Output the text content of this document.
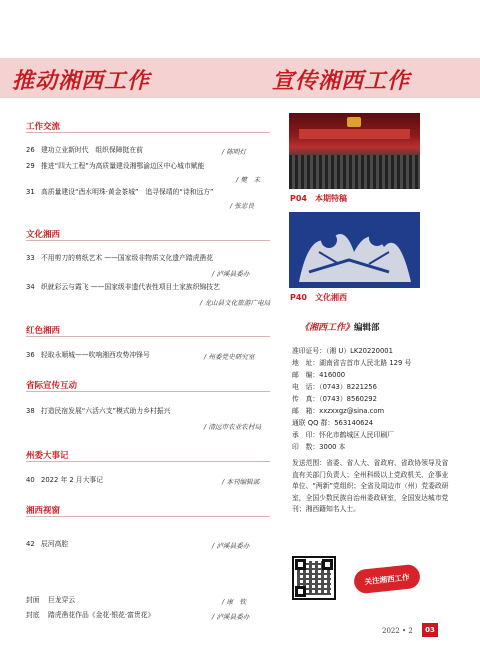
推动湘西工作	宣传湘西工作
工作交流
26 建功立业新时代　组织保障挺在前	/ 陈明灯
29 推进“四大工程”为高质量建设湘鄂渝边区中心城市赋能
/ 樊　未
31 高质量建设“酉水明珠·黄金茶城”　追寻保靖的“诗和远方”
/ 张忠良
文化湘西
33 不用剪刀的剪纸艺术 ——国家级非物质文化遗产踏虎凿花
/ 泸溪县委办
34 织就彩云与霞飞 ——国家级非遗代表性项目土家族织锦技艺
/ 龙山县文化旅游广电局
红色湘西
36 轻取永顺城——吹响湘西攻势冲锋号	/ 州委党史研究室
省际宣传互动
38 打造民宿发展“六活六支”模式助力乡村振兴
/ 清远市农业农村局
州委大事记
40 2022 年 2 月大事记	/ 本刊编辑部
湘西视窗
42 辰河高腔	/ 泸溪县委办
封面 巨龙穿云	/ 康　钦
封底 踏虎凿花作品《金花·银花·富贵花》	/ 泸溪县委办
P04　 本期特稿
P40　 文化湘西
《湘西工作》编辑部
准印证号：（湘 U）LK20220001
地　址：湖南省吉首市人民北路 129 号
邮　编：416000
电　话：（0743）8221256
传　真：（0743）8560292
邮　箱：xxzxxgz@sina.com
通联 QQ 群：563140624
承　印：怀化市鹤城区人民印刷厂
印　数：3000 本
发送范围：省委、省人大、省政府、省政协领导及省直有关部门负责人；全州科级以上党政机关、企事业单位、“两新”党组织；全省及周边市（州）党委政研室，全国少数民族自治州委政研室，全国发达城市党刊；湘西籍知名人士。
关注湘西工作
2022 • 2	03
